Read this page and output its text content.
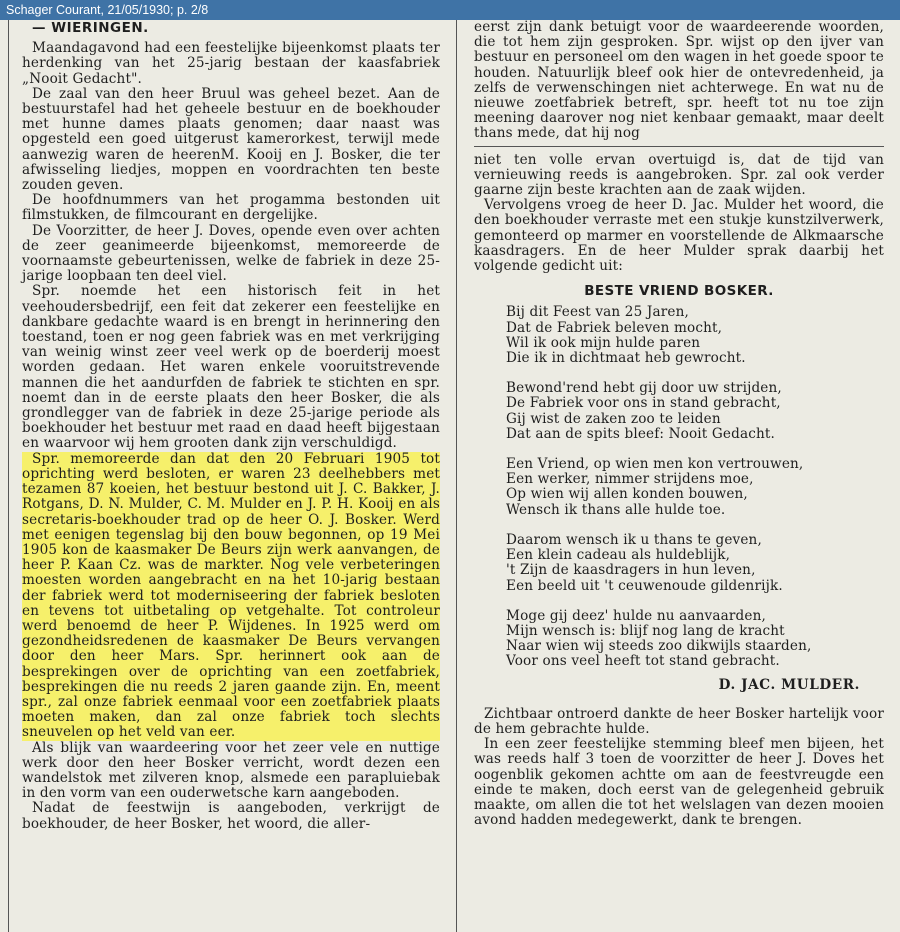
Schager Courant, 21/05/1930; p. 2/8
— WIERINGEN.

Maandagavond had een feestelijke bijeenkomst plaats ter herdenking van het 25-jarig bestaan der kaasfabriek „Nooit Gedacht".

De zaal van den heer Bruul was geheel bezet. Aan de bestuurstafel had het geheele bestuur en de boekhouder met hunne dames plaats genomen; daar naast was opgesteld een goed uitgerust kamerorkest, terwijl mede aanwezig waren de heerenM. Kooij en J. Bosker, die ter afwisseling liedjes, moppen en voordrachten ten beste zouden geven.

De hoofdnummers van het progamma bestonden uit filmstukken, de filmcourant en dergelijke.

De Voorzitter, de heer J. Doves, opende even over achten de zeer geanimeerde bijeenkomst, memoreerde de voornaamste gebeurtenissen, welke de fabriek in deze 25-jarige loopbaan ten deel viel.

Spr. noemde het een historisch feit in het veehoudersbedrijf, een feit dat zekerer een feestelijke en dankbare gedachte waard is en brengt in herinnering den toestand, toen er nog geen fabriek was en met verkrijging van weinig winst zeer veel werk op de boerderij moest worden gedaan. Het waren enkele vooruitstrevende mannen die het aandurfden de fabriek te stichten en spr. noemt dan in de eerste plaats den heer Bosker, die als grondlegger van de fabriek in deze 25-jarige periode als boekhouder het bestuur met raad en daad heeft bijgestaan en waarvoor wij hem grooten dank zijn verschuldigd.

Spr. memoreerde dan dat den 20 Februari 1905 tot oprichting werd besloten, er waren 23 deelhebbers met tezamen 87 koeien, het bestuur bestond uit J. C. Bakker, J. Rotgans, D. N. Mulder, C. M. Mulder en J. P. H. Kooij en als secretaris-boekhouder trad op de heer O. J. Bosker. Werd met eenigen tegenslag bij den bouw begonnen, op 19 Mei 1905 kon de kaasmaker De Beurs zijn werk aanvangen, de heer P. Kaan Cz. was de markter. Nog vele verbeteringen moesten worden aangebracht en na het 10-jarig bestaan der fabriek werd tot moderniseering der fabriek besloten en tevens tot uitbetaling op vetgehalte. Tot controleur werd benoemd de heer P. Wijdenes. In 1925 werd om gezondheidsredenen de kaasmaker De Beurs vervangen door den heer Mars. Spr. herinnert ook aan de besprekingen over de oprichting van een zoetfabriek, besprekingen die nu reeds 2 jaren gaande zijn. En, meent spr., zal onze fabriek eenmaal voor een zoetfabriek plaats moeten maken, dan zal onze fabriek toch slechts sneuvelen op het veld van eer.

Als blijk van waardeering voor het zeer vele en nuttige werk door den heer Bosker verricht, wordt dezen een wandelstok met zilveren knop, alsmede een parapluiebak in den vorm van een ouderwetsche karn aangeboden.

Nadat de feestwijn is aangeboden, verkrijgt de boekhouder, de heer Bosker, het woord, die aller-

eerst zijn dank betuigt voor de waardeerende woorden, die tot hem zijn gesproken. Spr. wijst op den ijver van bestuur en personeel om den wagen in het goede spoor te houden. Natuurlijk bleef ook hier de ontevredenheid, ja zelfs de verwenschingen niet achterwege. En wat nu de nieuwe zoetfabriek betreft, spr. heeft tot nu toe zijn meening daarover nog niet kenbaar gemaakt, maar deelt thans mede, dat hij nog

niet ten volle ervan overtuigd is, dat de tijd van vernieuwing reeds is aangebroken. Spr. zal ook verder gaarne zijn beste krachten aan de zaak wijden.

Vervolgens vroeg de heer D. Jac. Mulder het woord, die den boekhouder verraste met een stukje kunstzilverwerk, gemonteerd op marmer en voorstellende de Alkmaarsche kaasdragers. En de heer Mulder sprak daarbij het volgende gedicht uit:

BESTE VRIEND BOSKER.
Bij dit Feest van 25 Jaren,
Dat de Fabriek beleven mocht,
Wil ik ook mijn hulde paren
Die ik in dichtmaat heb gewrocht.
Bewond'rend hebt gij door uw strijden,
De Fabriek voor ons in stand gebracht,
Gij wist de zaken zoo te leiden
Dat aan de spits bleef: Nooit Gedacht.
Een Vriend, op wien men kon vertrouwen,
Een werker, nimmer strijdens moe,
Op wien wij allen konden bouwen,
Wensch ik thans alle hulde toe.
Daarom wensch ik u thans te geven,
Een klein cadeau als huldeblijk,
't Zijn de kaasdragers in hun leven,
Een beeld uit 't ceuwenoude gildenrijk.
Moge gij deez' hulde nu aanvaarden,
Mijn wensch is: blijf nog lang de kracht
Naar wien wij steeds zoo dikwijls staarden,
Voor ons veel heeft tot stand gebracht.
D. JAC. MULDER.

Zichtbaar ontroerd dankte de heer Bosker hartelijk voor de hem gebrachte hulde.

In een zeer feestelijke stemming bleef men bijeen, het was reeds half 3 toen de voorzitter de heer J. Doves het oogenblik gekomen achtte om aan de feestvreugde een einde te maken, doch eerst van de gelegenheid gebruik maakte, om allen die tot het welslagen van dezen mooien avond hadden medegewerkt, dank te brengen.
